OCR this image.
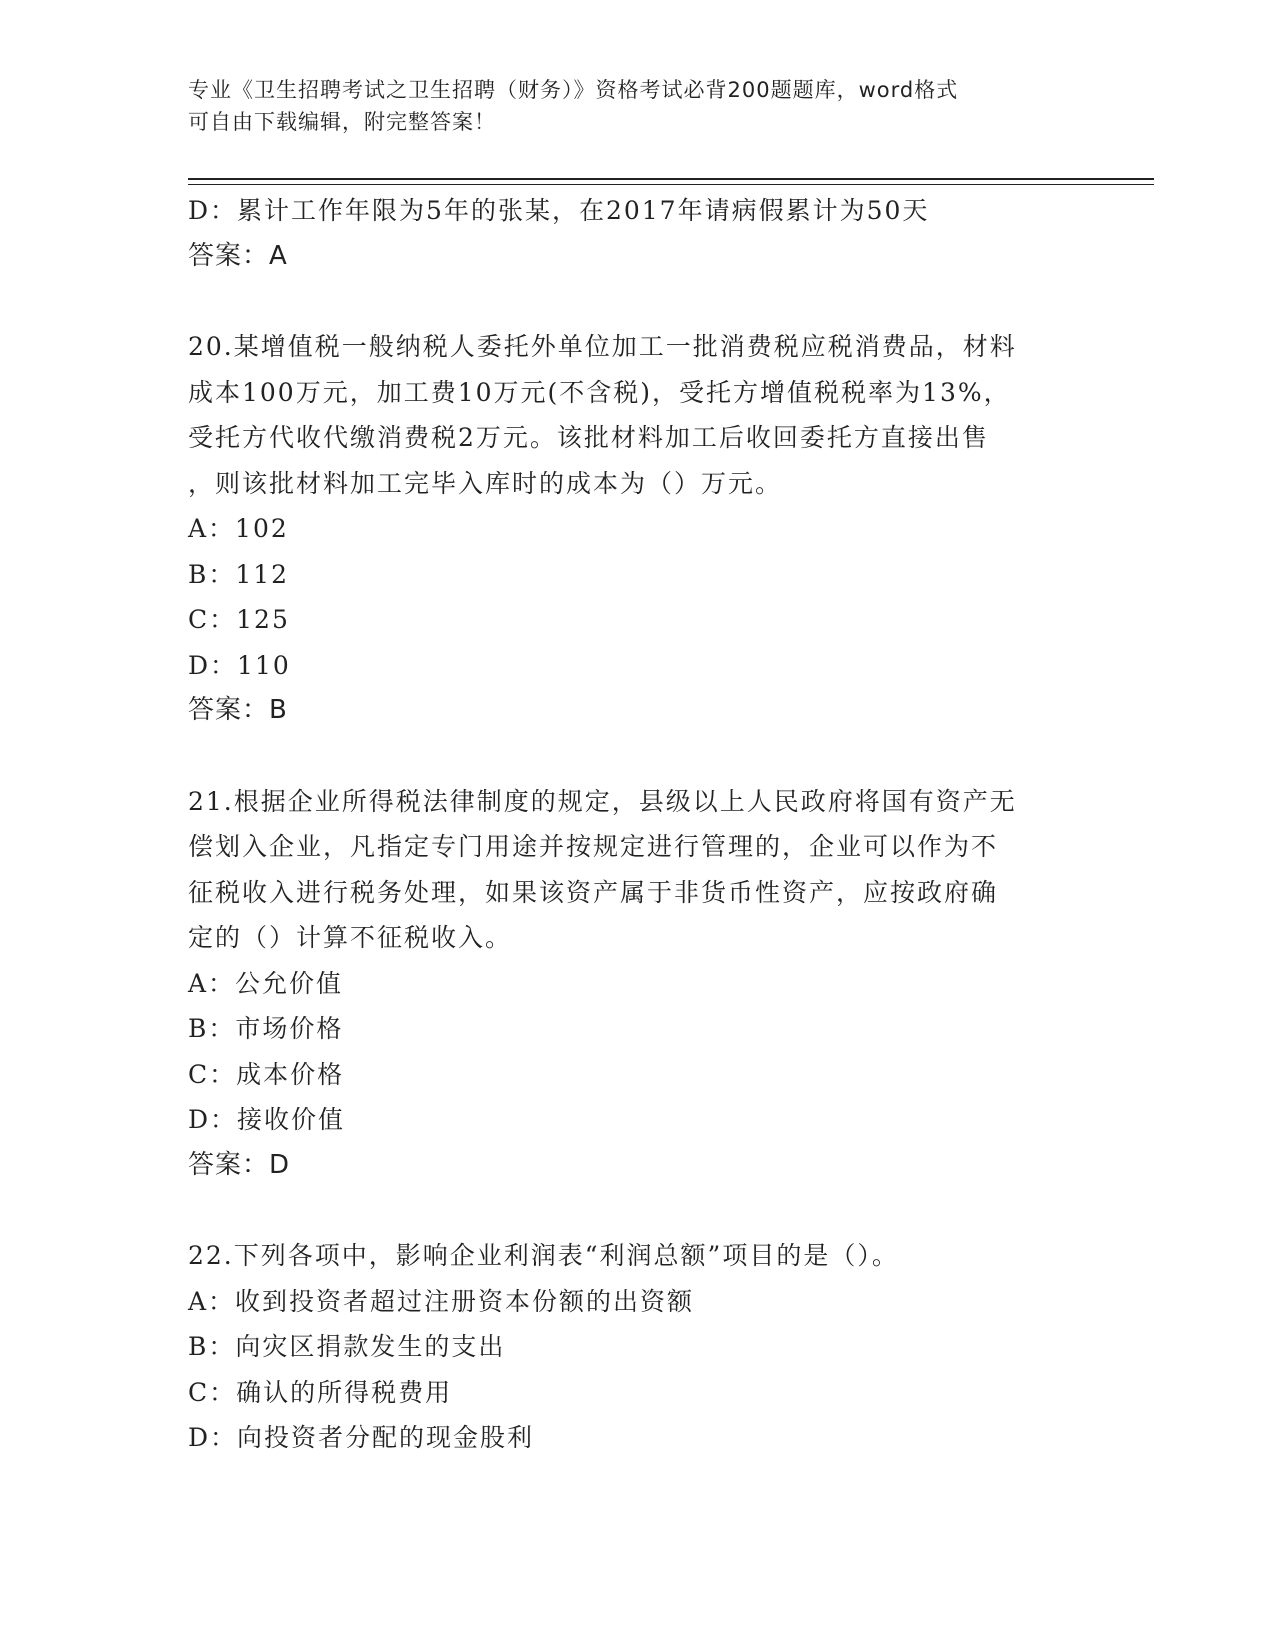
专业《卫生招聘考试之卫生招聘（财务）》资格考试必背200题题库，word格式
可自由下载编辑，附完整答案！
D：累计工作年限为5年的张某，在2017年请病假累计为50天
答案：A
20.某增值税一般纳税人委托外单位加工一批消费税应税消费品，材料
成本100万元，加工费10万元(不含税)，受托方增值税税率为13%，
受托方代收代缴消费税2万元。该批材料加工后收回委托方直接出售
，则该批材料加工完毕入库时的成本为（）万元。
A：102
B：112
C：125
D：110
答案：B
21.根据企业所得税法律制度的规定，县级以上人民政府将国有资产无
偿划入企业，凡指定专门用途并按规定进行管理的，企业可以作为不
征税收入进行税务处理，如果该资产属于非货币性资产，应按政府确
定的（）计算不征税收入。
A：公允价值
B：市场价格
C：成本价格
D：接收价值
答案：D
22.下列各项中，影响企业利润表“利润总额”项目的是（）。
A：收到投资者超过注册资本份额的出资额
B：向灾区捐款发生的支出
C：确认的所得税费用
D：向投资者分配的现金股利
